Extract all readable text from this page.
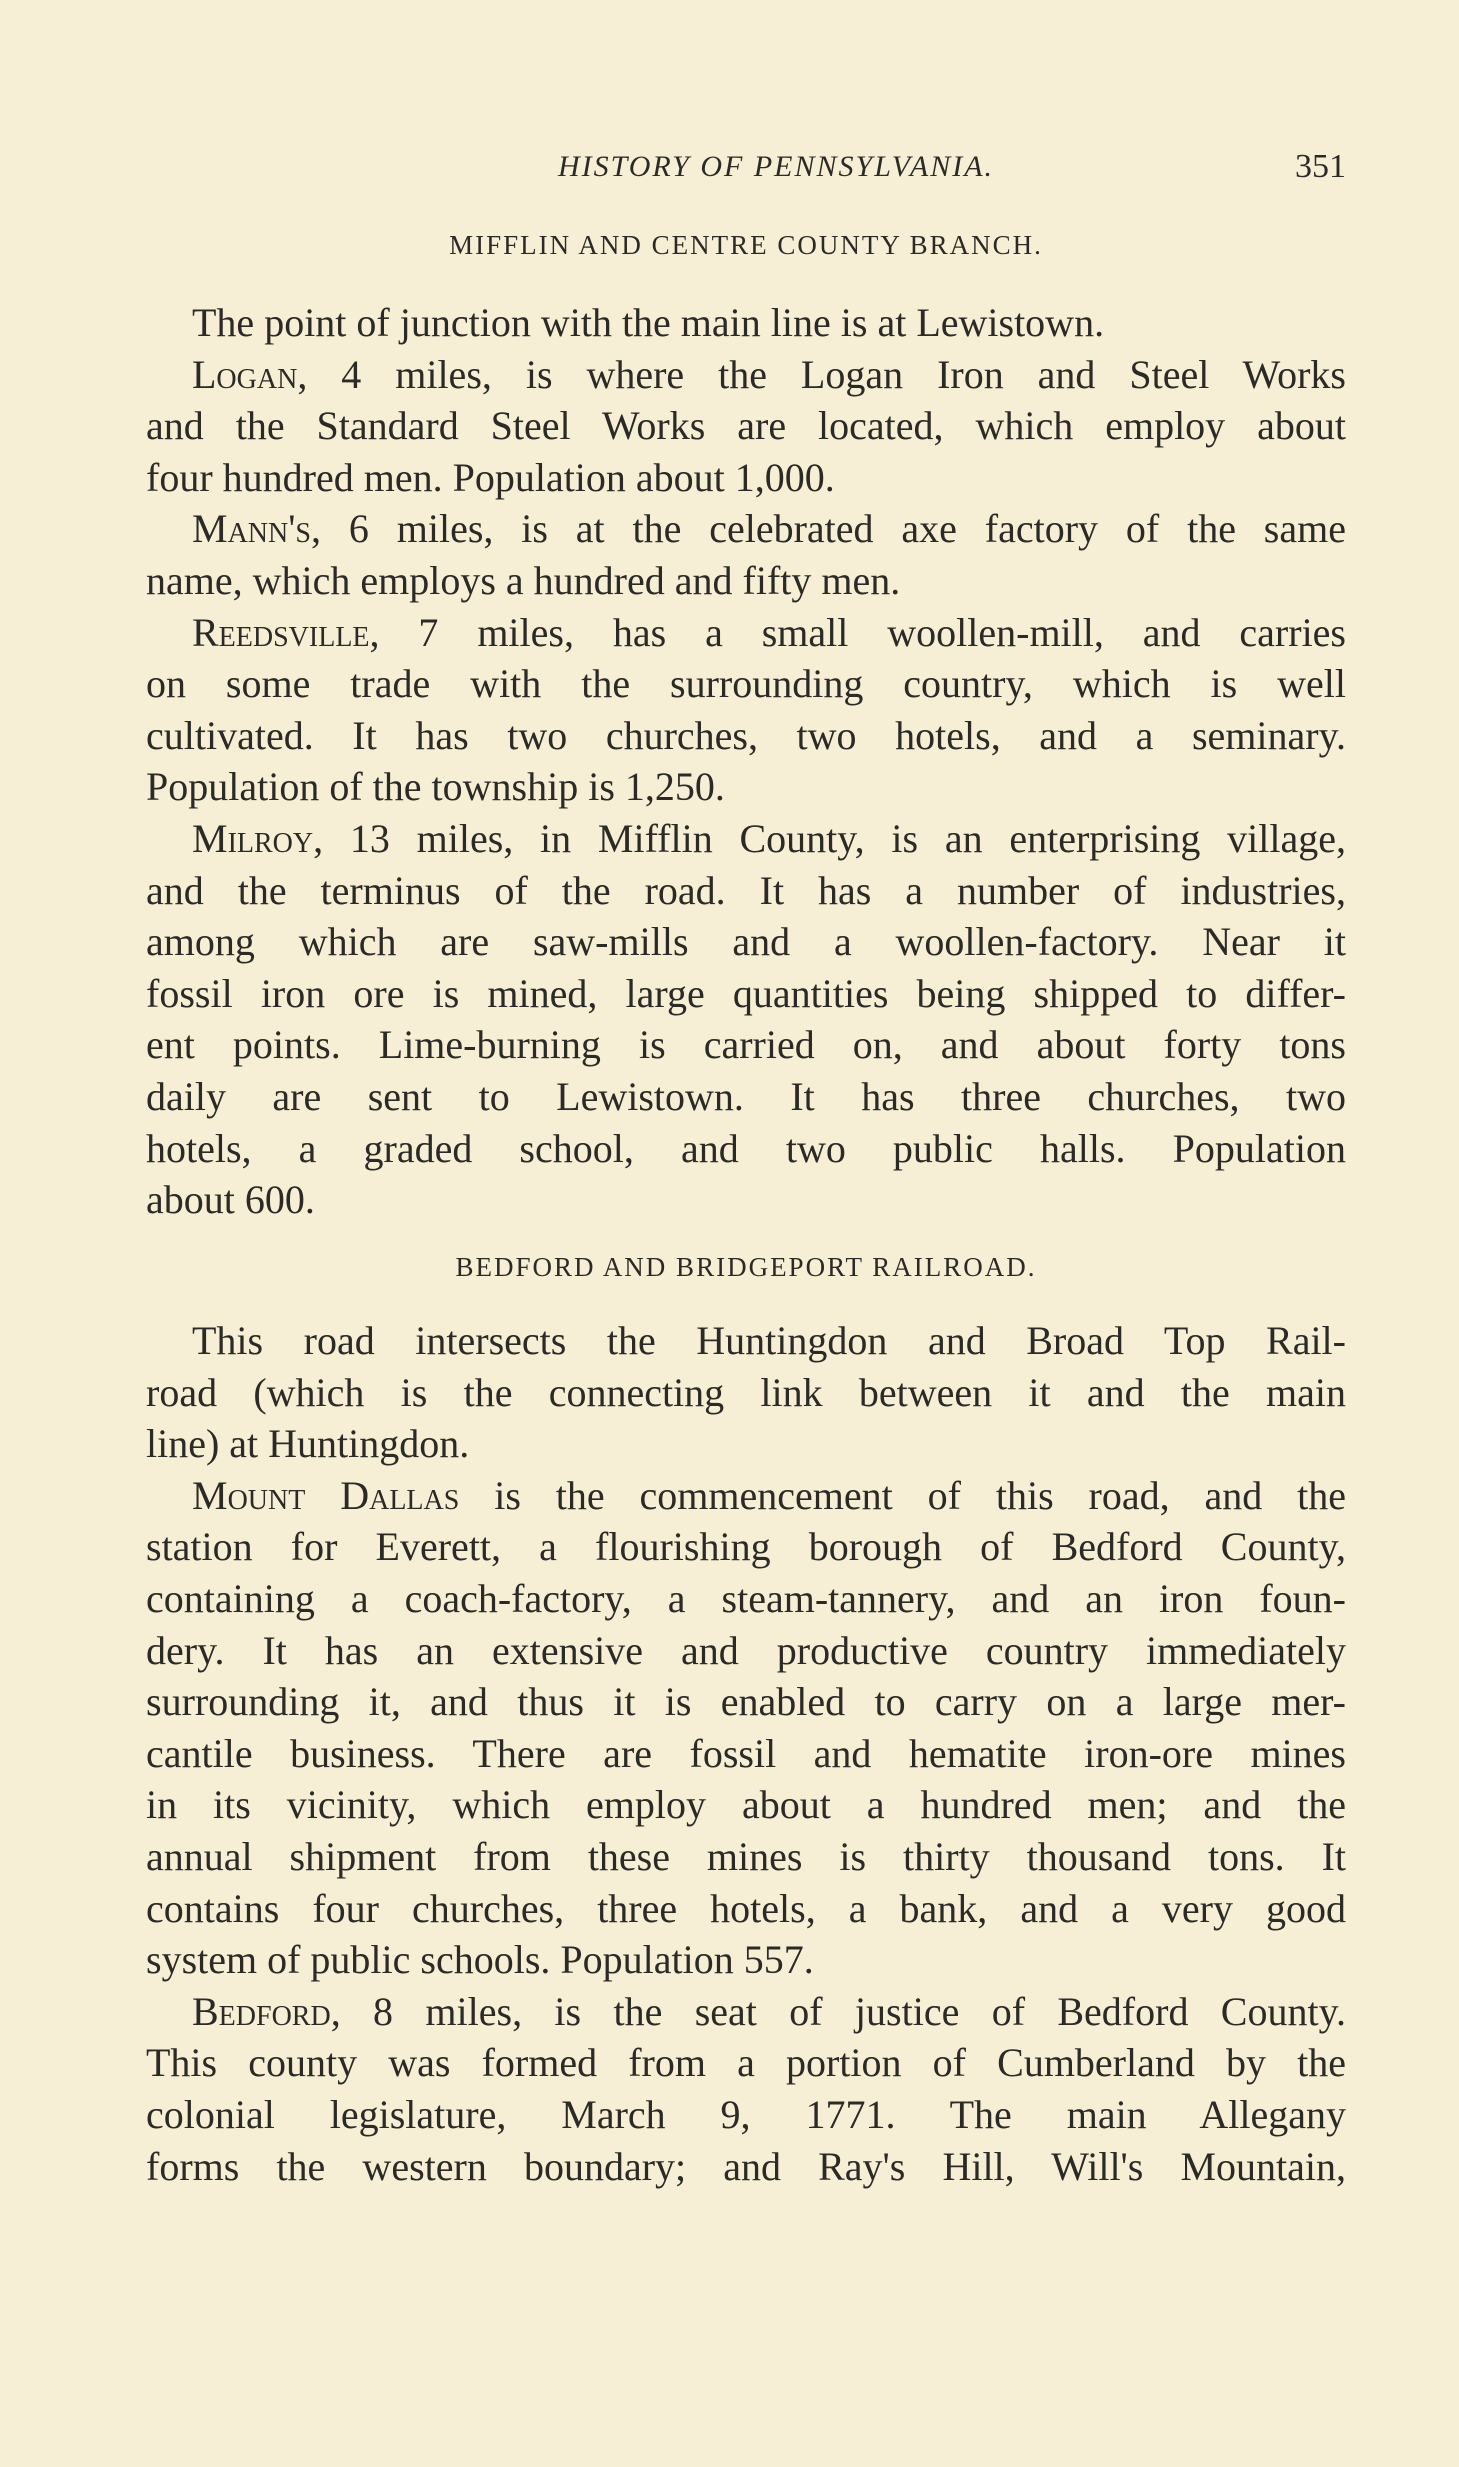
HISTORY OF PENNSYLVANIA.	351
MIFFLIN AND CENTRE COUNTY BRANCH.
The point of junction with the main line is at Lewistown.
Logan, 4 miles, is where the Logan Iron and Steel Works
and the Standard Steel Works are located, which employ about
four hundred men. Population about 1,000.
Mann's, 6 miles, is at the celebrated axe factory of the same
name, which employs a hundred and fifty men.
Reedsville, 7 miles, has a small woollen-mill, and carries
on some trade with the surrounding country, which is well
cultivated. It has two churches, two hotels, and a seminary.
Population of the township is 1,250.
Milroy, 13 miles, in Mifflin County, is an enterprising village,
and the terminus of the road. It has a number of industries,
among which are saw-mills and a woollen-factory. Near it
fossil iron ore is mined, large quantities being shipped to differ-
ent points. Lime-burning is carried on, and about forty tons
daily are sent to Lewistown. It has three churches, two
hotels, a graded school, and two public halls. Population
about 600.
BEDFORD AND BRIDGEPORT RAILROAD.
This road intersects the Huntingdon and Broad Top Rail-
road (which is the connecting link between it and the main
line) at Huntingdon.
Mount Dallas is the commencement of this road, and the
station for Everett, a flourishing borough of Bedford County,
containing a coach-factory, a steam-tannery, and an iron foun-
dery. It has an extensive and productive country immediately
surrounding it, and thus it is enabled to carry on a large mer-
cantile business. There are fossil and hematite iron-ore mines
in its vicinity, which employ about a hundred men; and the
annual shipment from these mines is thirty thousand tons. It
contains four churches, three hotels, a bank, and a very good
system of public schools. Population 557.
Bedford, 8 miles, is the seat of justice of Bedford County.
This county was formed from a portion of Cumberland by the
colonial legislature, March 9, 1771. The main Allegany
forms the western boundary; and Ray's Hill, Will's Mountain,
